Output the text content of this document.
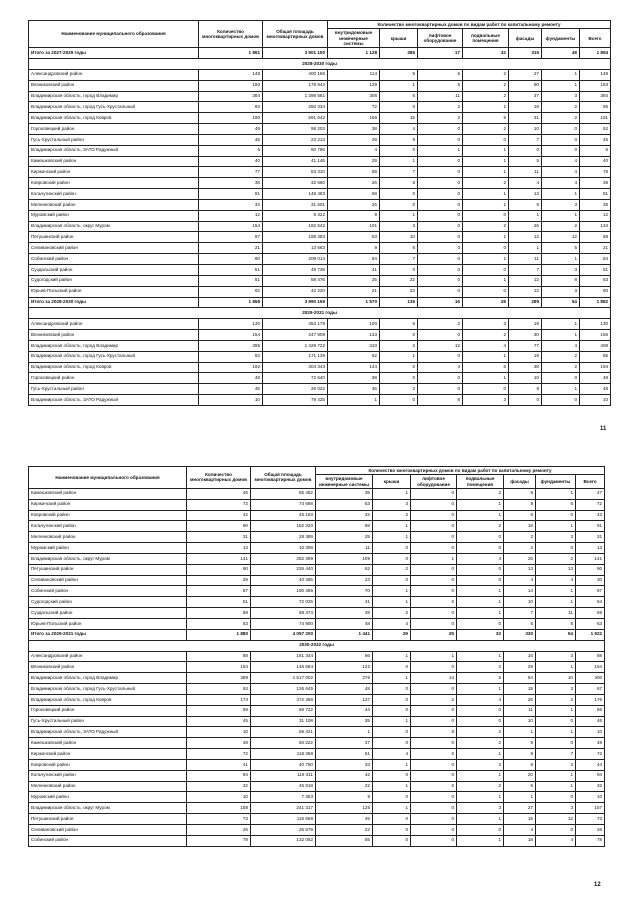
Наименование муниципального образования	Количество многоквартирных домов	Общая площадь многоквартирных домов	Количество многоквартирных домов по видам работ по капитальному ремонту						
			внутридомовые инженерные системы	крыши	лифтовое оборудование	подвальные помещения	фасады	фундаменты	Всего
Итого за 2027-2029 годы	1 861	3 901 150	1 128	386	17	32	315	48	1 894
2028-2030 годы									
Александровский район	148	400 186	114	5	6	2	27	1	149
Вязниковский район	160	178 942	129	1	5	2	90	1	163
Владимирская область, город Владимир	384	1 398 661	306	6	11	2	37	3	384
Владимирская область, город Гусь-Хрустальный	93	250 334	72	0	2	1	18	2	95
Владимирская область, город Ковров	190	591 642	166	15	2	5	31	2	191
Гороховецкий район	49	98 203	38	4	0	2	10	0	52
Гусь-Хрустальный район	45	23 213	29	9	0	0	7	0	45
Владимирская область, ЗАТО Радужный	6	50 786	4	0	1	1	0	0	6
Камешковский район	40	41 146	29	1	0	1	5	4	40
Киржачский район	77	83 310	59	7	0	1	11	4	78
Ковровский район	38	32 660	26	5	0	2	4	4	38
Кольчугинский район	81	148 483	68	0	0	1	13	1	81
Меленковский район	34	31 601	26	0	0	1	5	3	35
Муромский район	12	8 322	9	1	0	0	1	1	12
Владимирская область, округ Муром	154	182 542	101	3	0	2	26	2	134
Петушинский район	87	188 383	53	10	0	1	12	12	88
Селивановский район	21	13 663	9	6	0	0	1	5	21
Собинский район	80	209 014	64	7	0	1	11	1	84
Суздальский район	51	49 738	41	0	0	0	7	3	51
Судогодский район	51	58 476	25	22	0	1	12	8	53
Юрьев-Польский район	62	42 220	21	33	0	0	12	3	60
Итого за 2028-2030 годы	1 868	3 990 169	1 570	135	16	28	289	54	1 882
2029-2031 годы									
Александровский район	130	353 178	100	6	2	3	19	1	130
Вязниковский район	154	247 909	133	0	0	2	30	1	166
Владимирская область, город Владимир	395	1 428 722	310	2	12	4	77	4	409
Владимирская область, город Гусь-Хрустальный	83	171 139	62	1	0	1	19	2	85
Владимирская область, город Ковров	192	304 343	144	0	4	6	38	2	194
Гороховецкий район	48	72 640	38	0	0	1	10	0	49
Гусь-Хрустальный район	45	26 022	36	2	0	0	8	1	48
Владимирская область, ЗАТО Радужный	10	79 425	1	0	8	3	0	0	10
11
Наименование муниципального образования	Количество многоквартирных домов	Общая площадь многоквартирных домов	Количество многоквартирных домов по видам работ по капитальному ремонту						
			внутридомовые инженерные системы	крыши	лифтовое оборудование	подвальные помещения	фасады	фундаменты	Всего
Камешковский район	46	55 452	35	1	0	2	8	1	47
Киржачский район	72	74 668	53	3	0	1	9	6	72
Ковровский район	42	45 163	32	2	0	1	6	0	43
Кольчугинский район	90	182 320	68	1	0	2	18	1	91
Меленковский район	31	28 389	25	1	0	0	2	3	31
Муромский район	13	10 308	11	0	0	0	2	0	13
Владимирская область, округ Муром	141	262 399	109	0	1	4	25	2	141
Петушинский район	90	226 440	62	2	0	0	13	13	90
Селивановский район	29	40 465	23	0	0	0	4	4	30
Собинский район	87	190 455	70	1	0	1	14	1	87
Судогодский район	51	72 025	41	1	0	1	10	1	54
Суздальский район	68	88 474	48	2	0	1	7	11	69
Юрьев-Польский район	63	74 900	48	4	0	0	6	8	63
Итого за 2029-2031 годы	1 880	4 057 200	1 441	29	25	33	330	54	1 922
2030-2032 годы									
Александровский район	88	181 344	66	1	1	1	16	3	88
Вязниковский район	154	146 684	122	0	0	2	29	1	154
Владимирская область, город Владимир	389	1 517 002	276	1	14	5	94	10	400
Владимирская область, город Гусь-Хрустальный	63	126 645	48	0	0	1	15	3	67
Владимирская область, город Ковров	174	472 366	137	0	2	4	26	2	176
Гороховецкий район	59	86 722	44	0	0	0	11	1	56
Гусь-Хрустальный район	45	31 108	35	1	0	0	10	0	46
Владимирская область, ЗАТО Радужный	10	56 421	1	0	8	2	1	1	10
Камешковский район	48	50 222	37	0	0	2	9	0	48
Киржачский район	72	118 368	51	4	0	1	9	7	72
Ковровский район	41	40 750	33	1	0	2	6	2	44
Кольчугинский район	94	119 311	42	0	0	1	20	1	94
Меленковский район	32	45 918	22	1	0	2	6	1	32
Муромский район	10	7 353	9	0	0	1	1	0	10
Владимирская область, округ Муром	158	241 317	125	1	0	3	27	3	157
Петушинский район	73	116 668	45	0	0	1	15	12	73
Селивановский район	26	25 679	22	0	0	0	4	0	26
Собинский район	78	132 062	55	0	0	1	18	4	78
12
